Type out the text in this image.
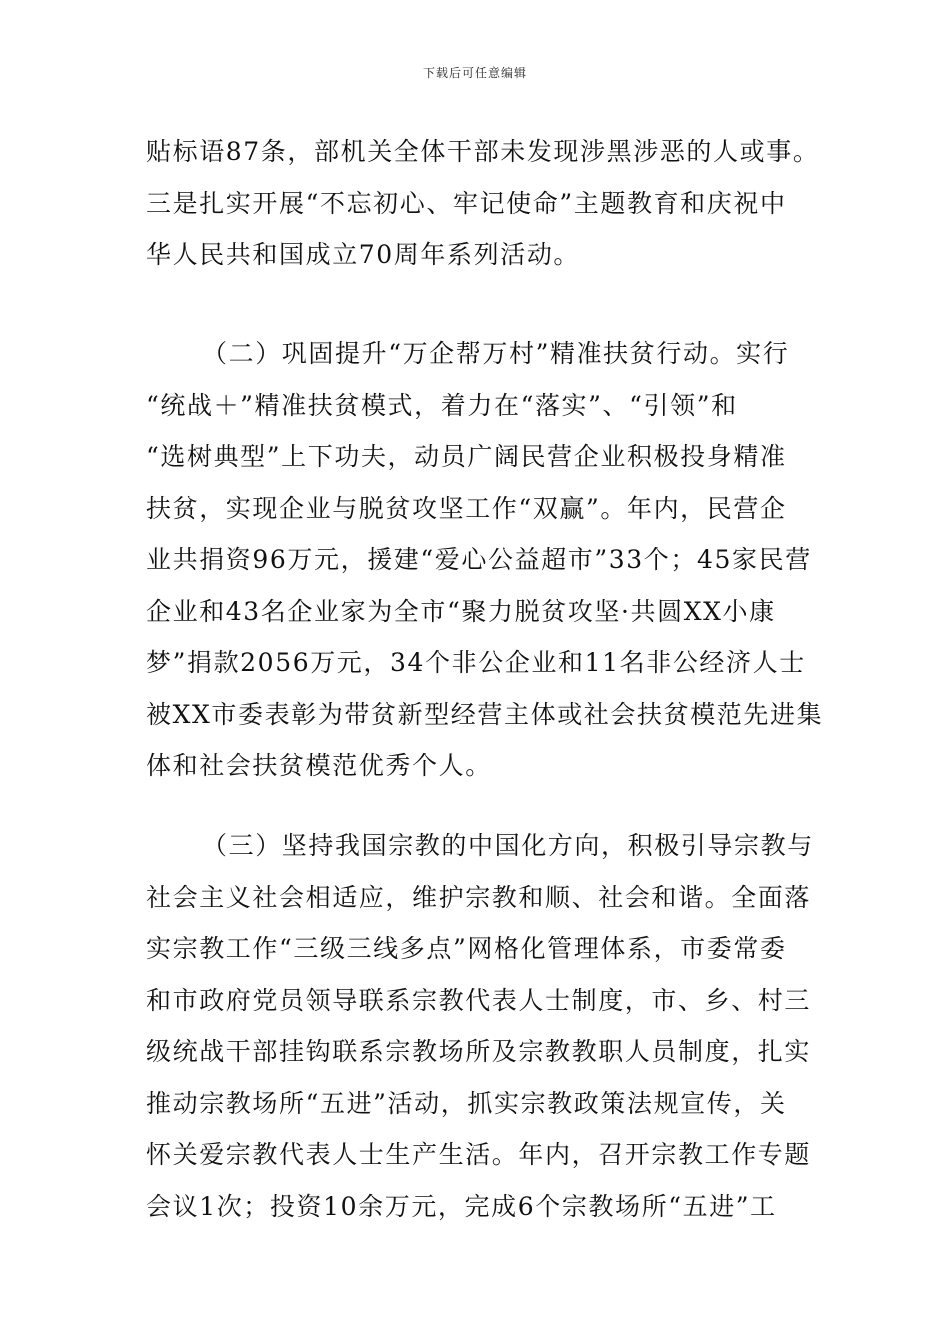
下载后可任意编辑
贴标语87条，部机关全体干部未发现涉黑涉恶的人或事。
三是扎实开展“不忘初心、牢记使命”主题教育和庆祝中
华人民共和国成立70周年系列活动。
（二）巩固提升“万企帮万村”精准扶贫行动。实行
“统战＋”精准扶贫模式，着力在“落实”、“引领”和
“选树典型”上下功夫，动员广阔民营企业积极投身精准
扶贫，实现企业与脱贫攻坚工作“双赢”。年内，民营企
业共捐资96万元，援建“爱心公益超市”33个；45家民营
企业和43名企业家为全市“聚力脱贫攻坚·共圆XX小康
梦”捐款2056万元，34个非公企业和11名非公经济人士
被XX市委表彰为带贫新型经营主体或社会扶贫模范先进集
体和社会扶贫模范优秀个人。
（三）坚持我国宗教的中国化方向，积极引导宗教与
社会主义社会相适应，维护宗教和顺、社会和谐。全面落
实宗教工作“三级三线多点”网格化管理体系，市委常委
和市政府党员领导联系宗教代表人士制度，市、乡、村三
级统战干部挂钩联系宗教场所及宗教教职人员制度，扎实
推动宗教场所“五进”活动，抓实宗教政策法规宣传，关
怀关爱宗教代表人士生产生活。年内，召开宗教工作专题
会议1次；投资10余万元，完成6个宗教场所“五进”工
